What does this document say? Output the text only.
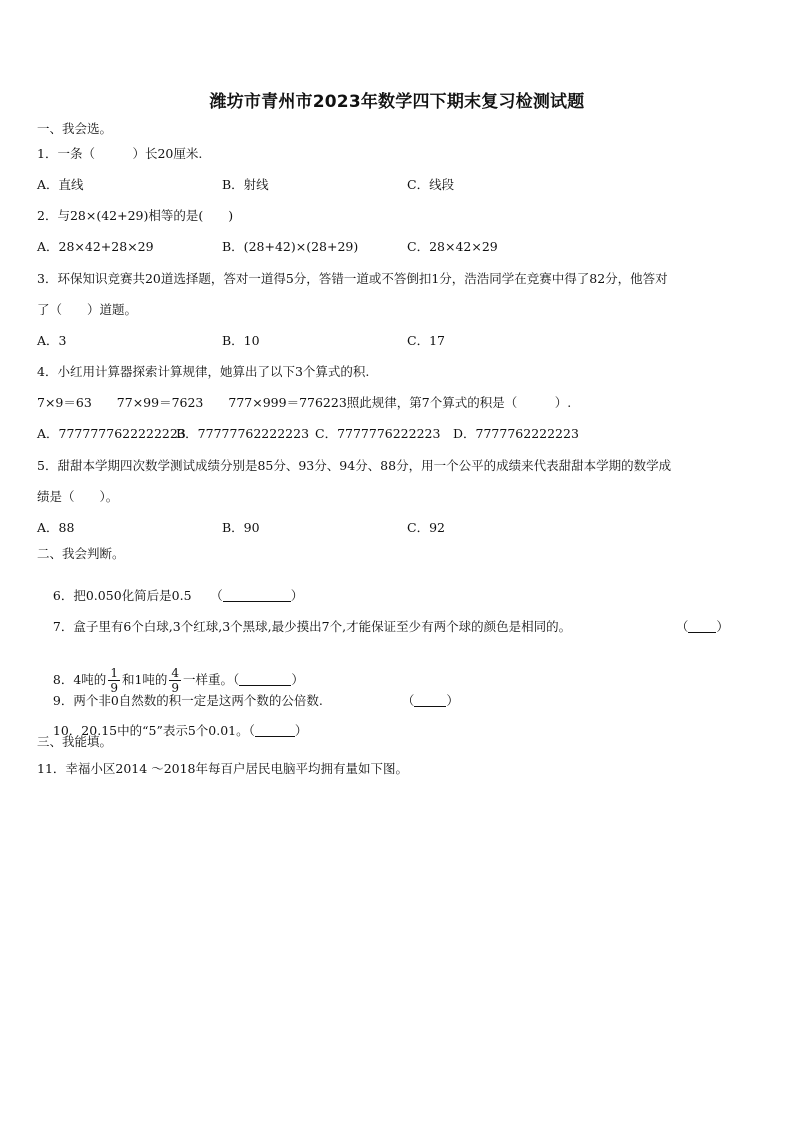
潍坊市青州市2023年数学四下期末复习检测试题
一、我会选。
1．一条（　　　）长20厘米.
A．直线	B．射线	C．线段
2．与28×(42+29)相等的是(　　)
A．28×42+28×29	B．(28+42)×(28+29)	C．28×42×29
3．环保知识竞赛共20道选择题，答对一道得5分，答错一道或不答倒扣1分，浩浩同学在竞赛中得了82分，他答对
了（　　）道题。
A．3	B．10	C．17
4．小红用计算器探索计算规律，她算出了以下3个算式的积.
7×9＝63　　77×99＝7623　　777×999＝776223照此规律，第7个算式的积是（　　　）.
A．7777777622222223
B．77777762222223 C．7777776222223 D．7777762222223
5．甜甜本学期四次数学测试成绩分别是85分、93分、94分、88分，用一个公平的成绩来代表甜甜本学期的数学成
绩是（　　）。
A．88	B．90	C．92
二、我会判断。

6．把0.050化简后是0.5　　（	）

7．盒子里有6个白球,3个红球,3个黑球,最少摸出7个,才能保证至少有两个球的颜色是相同的。
	（ ）

8．4吨的 $\frac{1}{9}$ 和1吨的 $\frac{4}{9}$ 一样重。（	）

9．两个非0自然数的积一定是这两个数的公倍数.
	（	）

10．20.15中的“5”表示5个0.01。（	）

三、我能填。
11．幸福小区2014 ～2018年每百户居民电脑平均拥有量如下图。
